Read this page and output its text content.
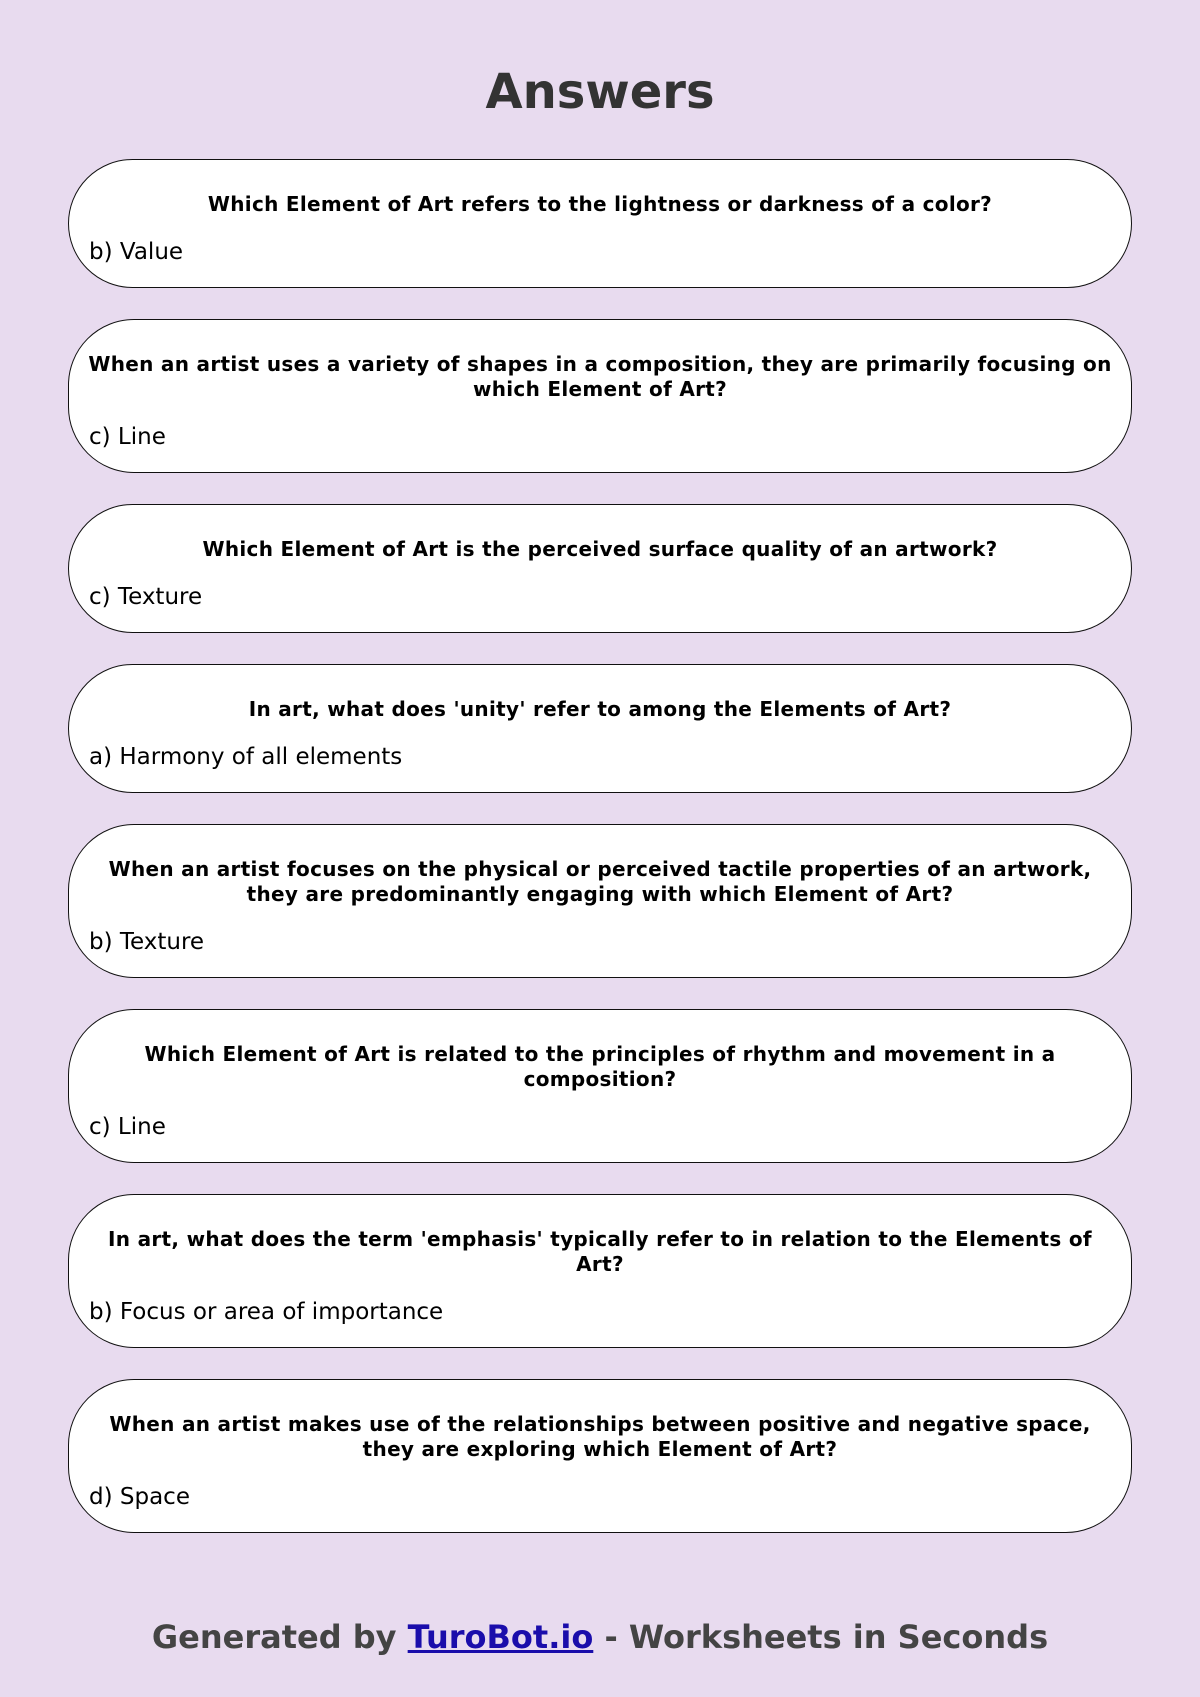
Answers
Which Element of Art refers to the lightness or darkness of a color?
b) Value
When an artist uses a variety of shapes in a composition, they are primarily focusing on which Element of Art?
c) Line
Which Element of Art is the perceived surface quality of an artwork?
c) Texture
In art, what does 'unity' refer to among the Elements of Art?
a) Harmony of all elements
When an artist focuses on the physical or perceived tactile properties of an artwork, they are predominantly engaging with which Element of Art?
b) Texture
Which Element of Art is related to the principles of rhythm and movement in a composition?
c) Line
In art, what does the term 'emphasis' typically refer to in relation to the Elements of Art?
b) Focus or area of importance
When an artist makes use of the relationships between positive and negative space, they are exploring which Element of Art?
d) Space
Generated by TuroBot.io - Worksheets in Seconds
